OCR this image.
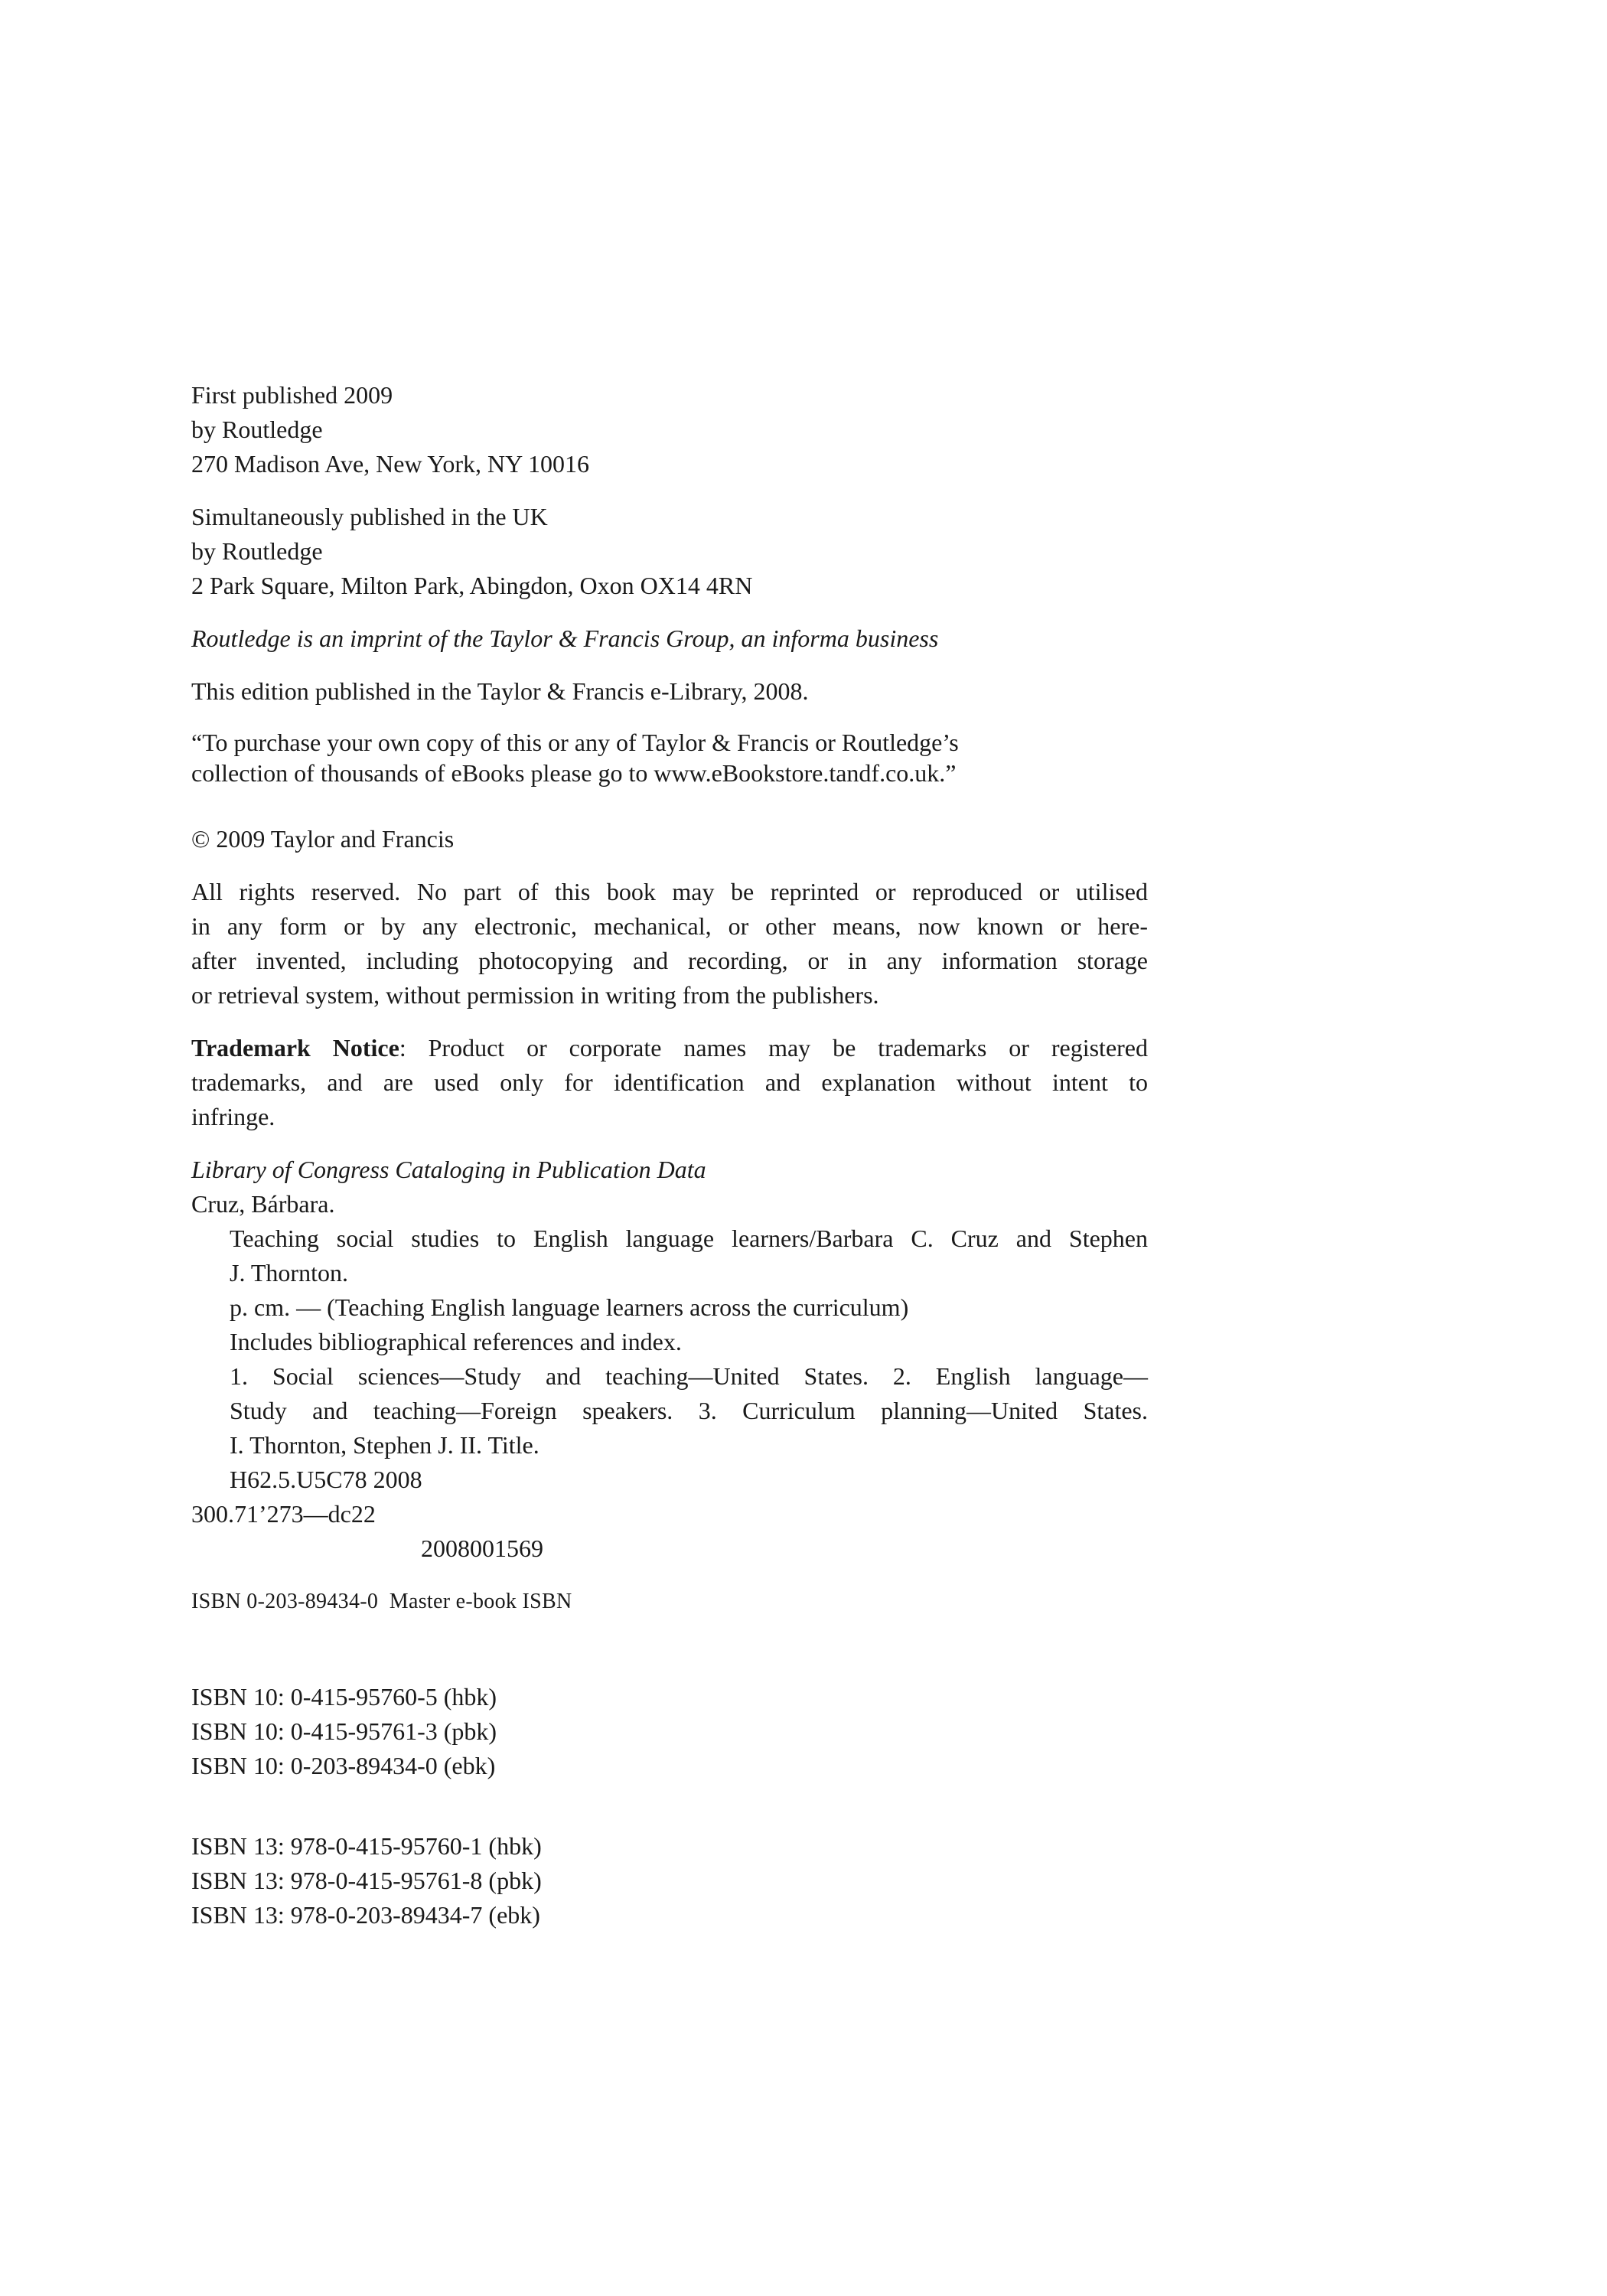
First published 2009
by Routledge
270 Madison Ave, New York, NY 10016
Simultaneously published in the UK
by Routledge
2 Park Square, Milton Park, Abingdon, Oxon OX14 4RN
Routledge is an imprint of the Taylor & Francis Group, an informa business
This edition published in the Taylor & Francis e-Library, 2008.
“To purchase your own copy of this or any of Taylor & Francis or Routledge’s
collection of thousands of eBooks please go to www.eBookstore.tandf.co.uk.”
© 2009 Taylor and Francis
All rights reserved. No part of this book may be reprinted or reproduced or utilised
in any form or by any electronic, mechanical, or other means, now known or here-
after invented, including photocopying and recording, or in any information storage
or retrieval system, without permission in writing from the publishers.
Trademark Notice: Product or corporate names may be trademarks or registered
trademarks, and are used only for identification and explanation without intent to
infringe.
Library of Congress Cataloging in Publication Data
Cruz, Bárbara.
Teaching social studies to English language learners/Barbara C. Cruz and Stephen
J. Thornton.
p. cm. — (Teaching English language learners across the curriculum)
Includes bibliographical references and index.
1. Social sciences—Study and teaching—United States. 2. English language—
Study and teaching—Foreign speakers. 3. Curriculum planning—United States.
I. Thornton, Stephen J. II. Title.
H62.5.U5C78 2008
300.71’273—dc22
2008001569
ISBN 0-203-89434-0  Master e-book ISBN
ISBN 10: 0-415-95760-5 (hbk)
ISBN 10: 0-415-95761-3 (pbk)
ISBN 10: 0-203-89434-0 (ebk)
ISBN 13: 978-0-415-95760-1 (hbk)
ISBN 13: 978-0-415-95761-8 (pbk)
ISBN 13: 978-0-203-89434-7 (ebk)
